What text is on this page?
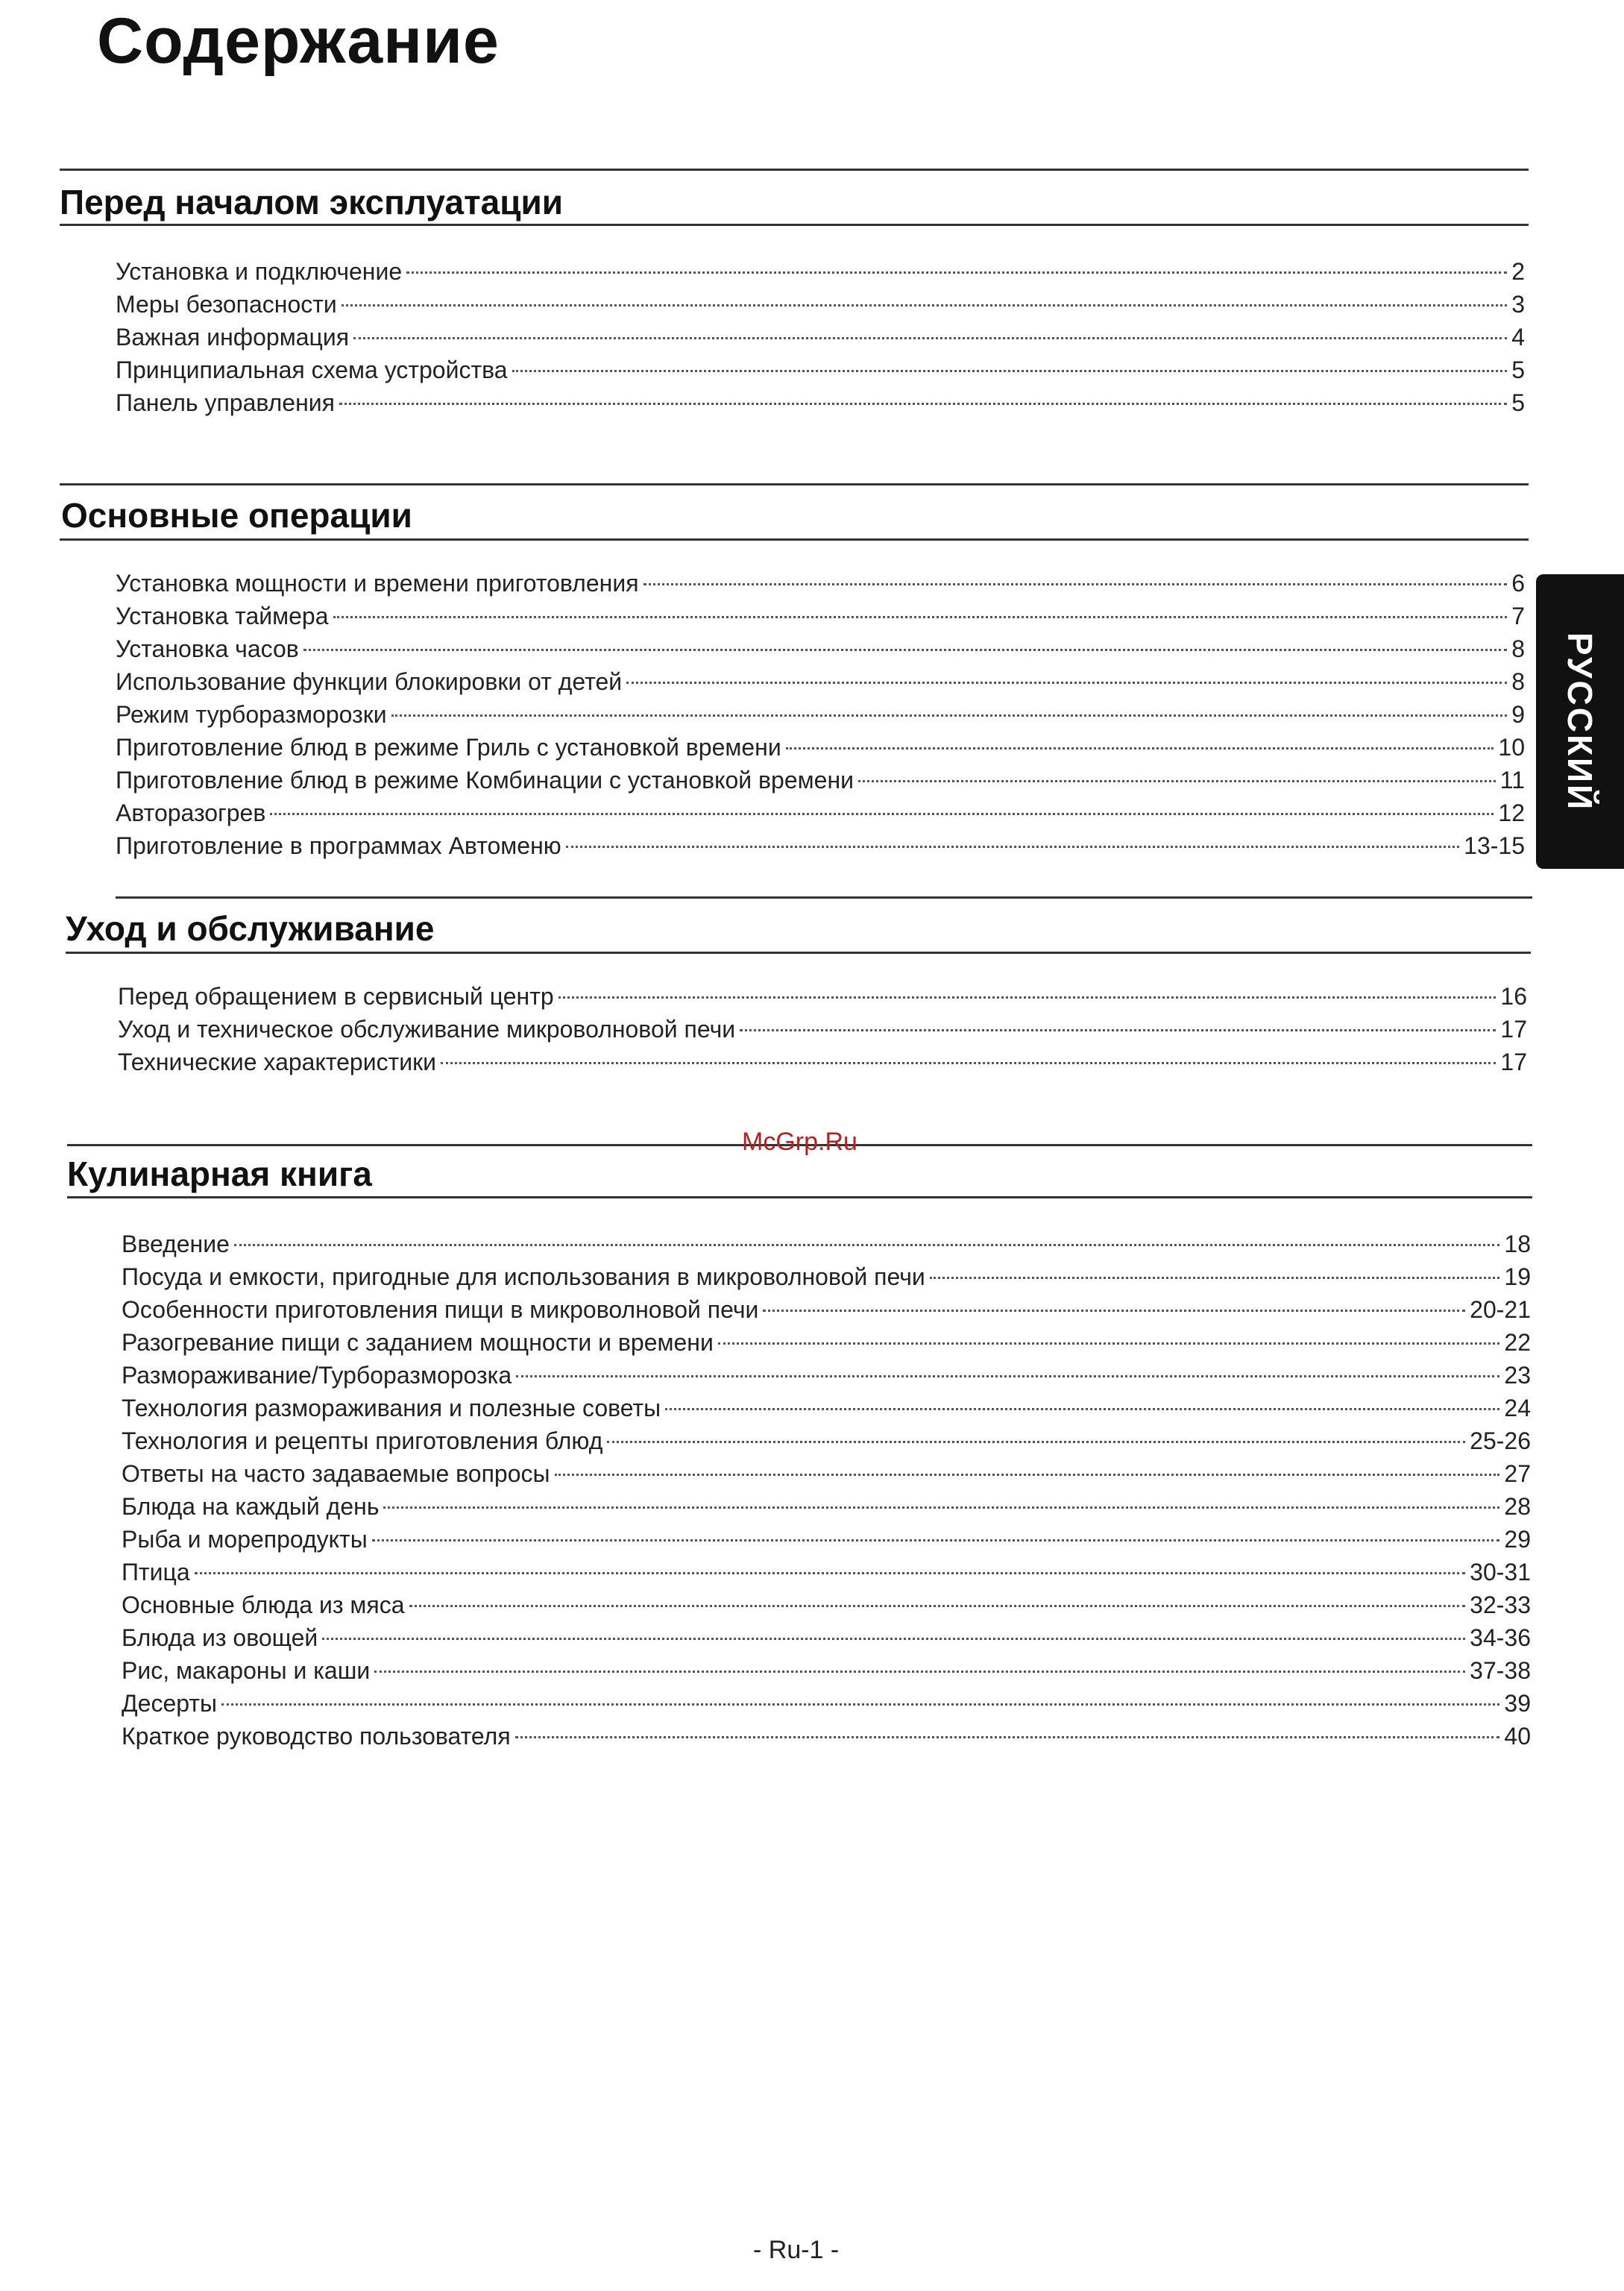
Содержание
Перед началом эксплуатации
Установка и подключение	2
Меры безопасности	3
Важная информация	4
Принципиальная схема устройства	5
Панель управления	5
Основные операции
Установка мощности и времени приготовления	6
Установка таймера	7
Установка часов	8
Использование функции блокировки от детей	8
Режим турборазморозки	9
Приготовление блюд в режиме Гриль с установкой времени	10
Приготовление блюд в режиме Комбинации с установкой времени	11
Авторазогрев	12
Приготовление в программах Автоменю	13-15
Уход и обслуживание
Перед обращением в сервисный центр	16
Уход и техническое обслуживание микроволновой печи	17
Технические характеристики	17
McGrp.Ru
Кулинарная книга
Введение	18
Посуда и емкости, пригодные для использования в микроволновой печи	19
Особенности приготовления пищи в микроволновой печи	20-21
Разогревание пищи с заданием мощности и времени	22
Размораживание/Турборазморозка	23
Технология размораживания и полезные советы	24
Технология и рецепты приготовления блюд	25-26
Ответы на часто задаваемые вопросы	27
Блюда на каждый день	28
Рыба и морепродукты	29
Птица	30-31
Основные блюда из мяса	32-33
Блюда из овощей	34-36
Рис, макароны и каши	37-38
Десерты	39
Краткое руководство пользователя	40
РУССКИЙ
- Ru-1 -
